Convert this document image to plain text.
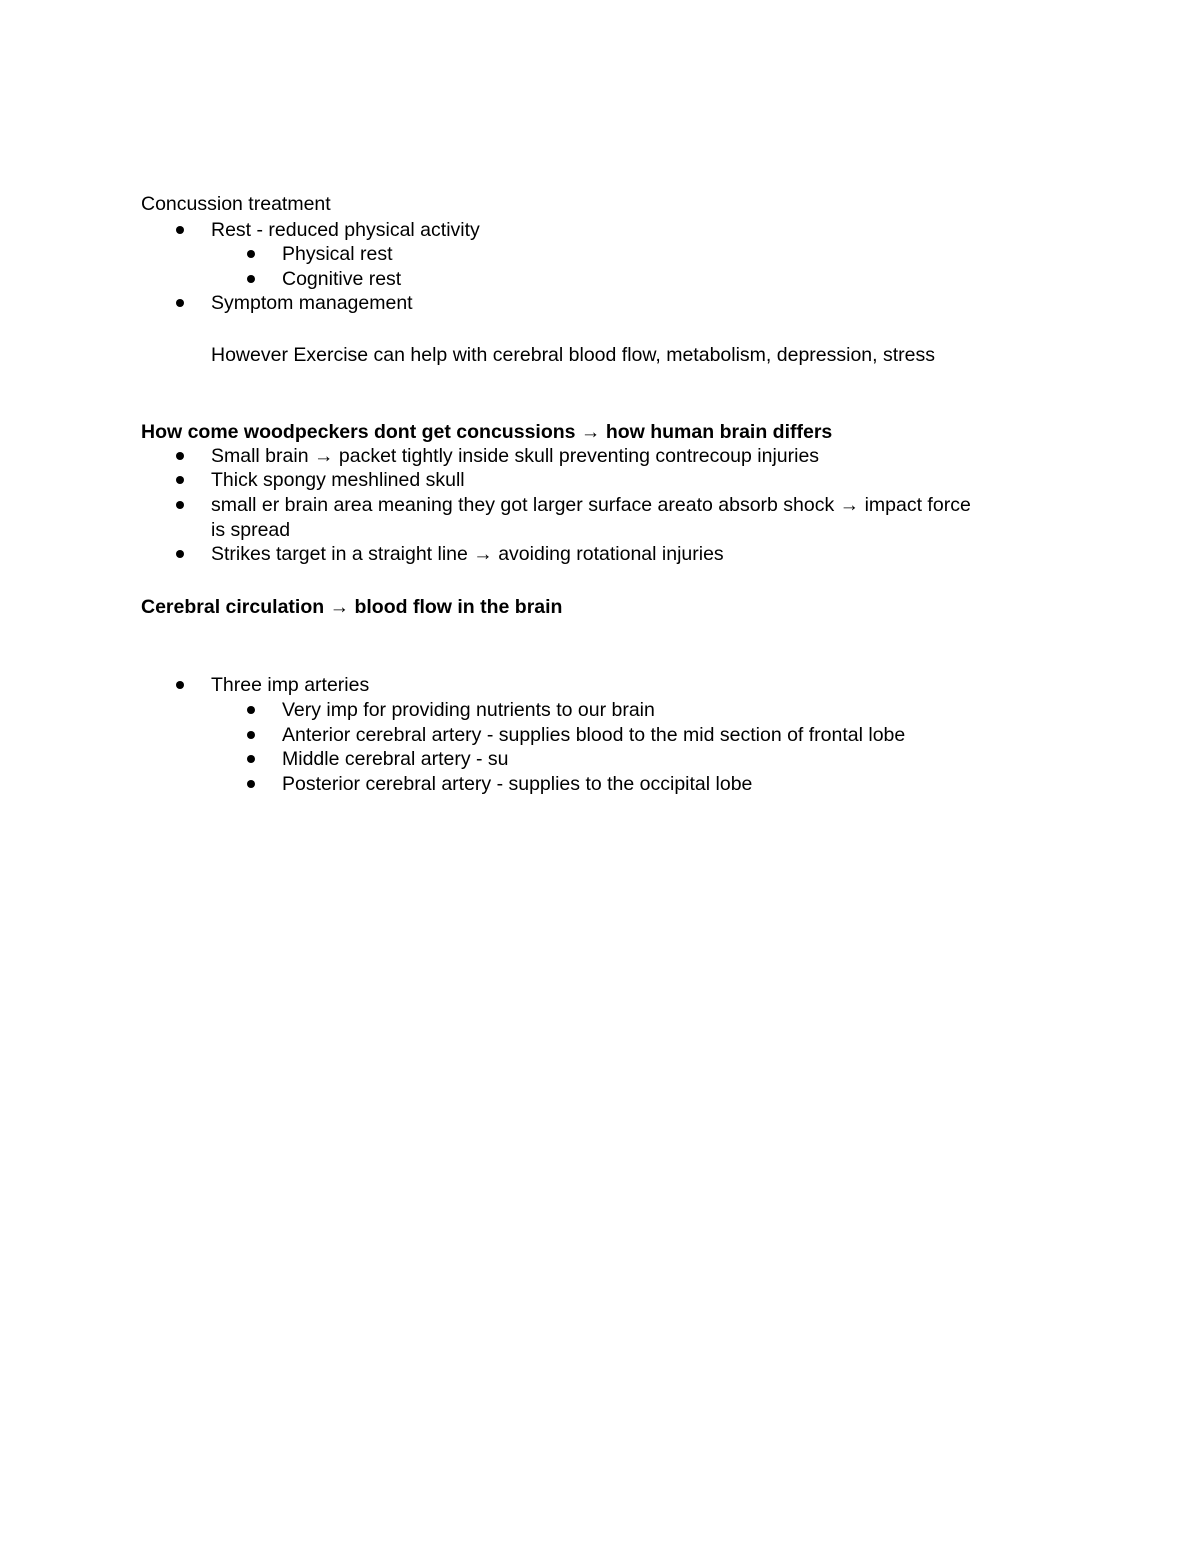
Concussion treatment
Rest - reduced physical activity
Physical rest
Cognitive rest
Symptom management
However Exercise can help with cerebral blood flow, metabolism, depression, stress
How come woodpeckers dont get concussions → how human brain differs
Small brain → packet tightly inside skull preventing contrecoup injuries
Thick spongy meshlined skull
small er brain area meaning they got larger surface areato absorb shock → impact force
is spread
Strikes target in a straight line → avoiding rotational injuries
Cerebral circulation → blood flow in the brain
Three imp arteries
Very imp for providing nutrients to our brain
Anterior cerebral artery - supplies blood to the mid section of frontal lobe
Middle cerebral artery - su
Posterior cerebral artery - supplies to the occipital lobe
